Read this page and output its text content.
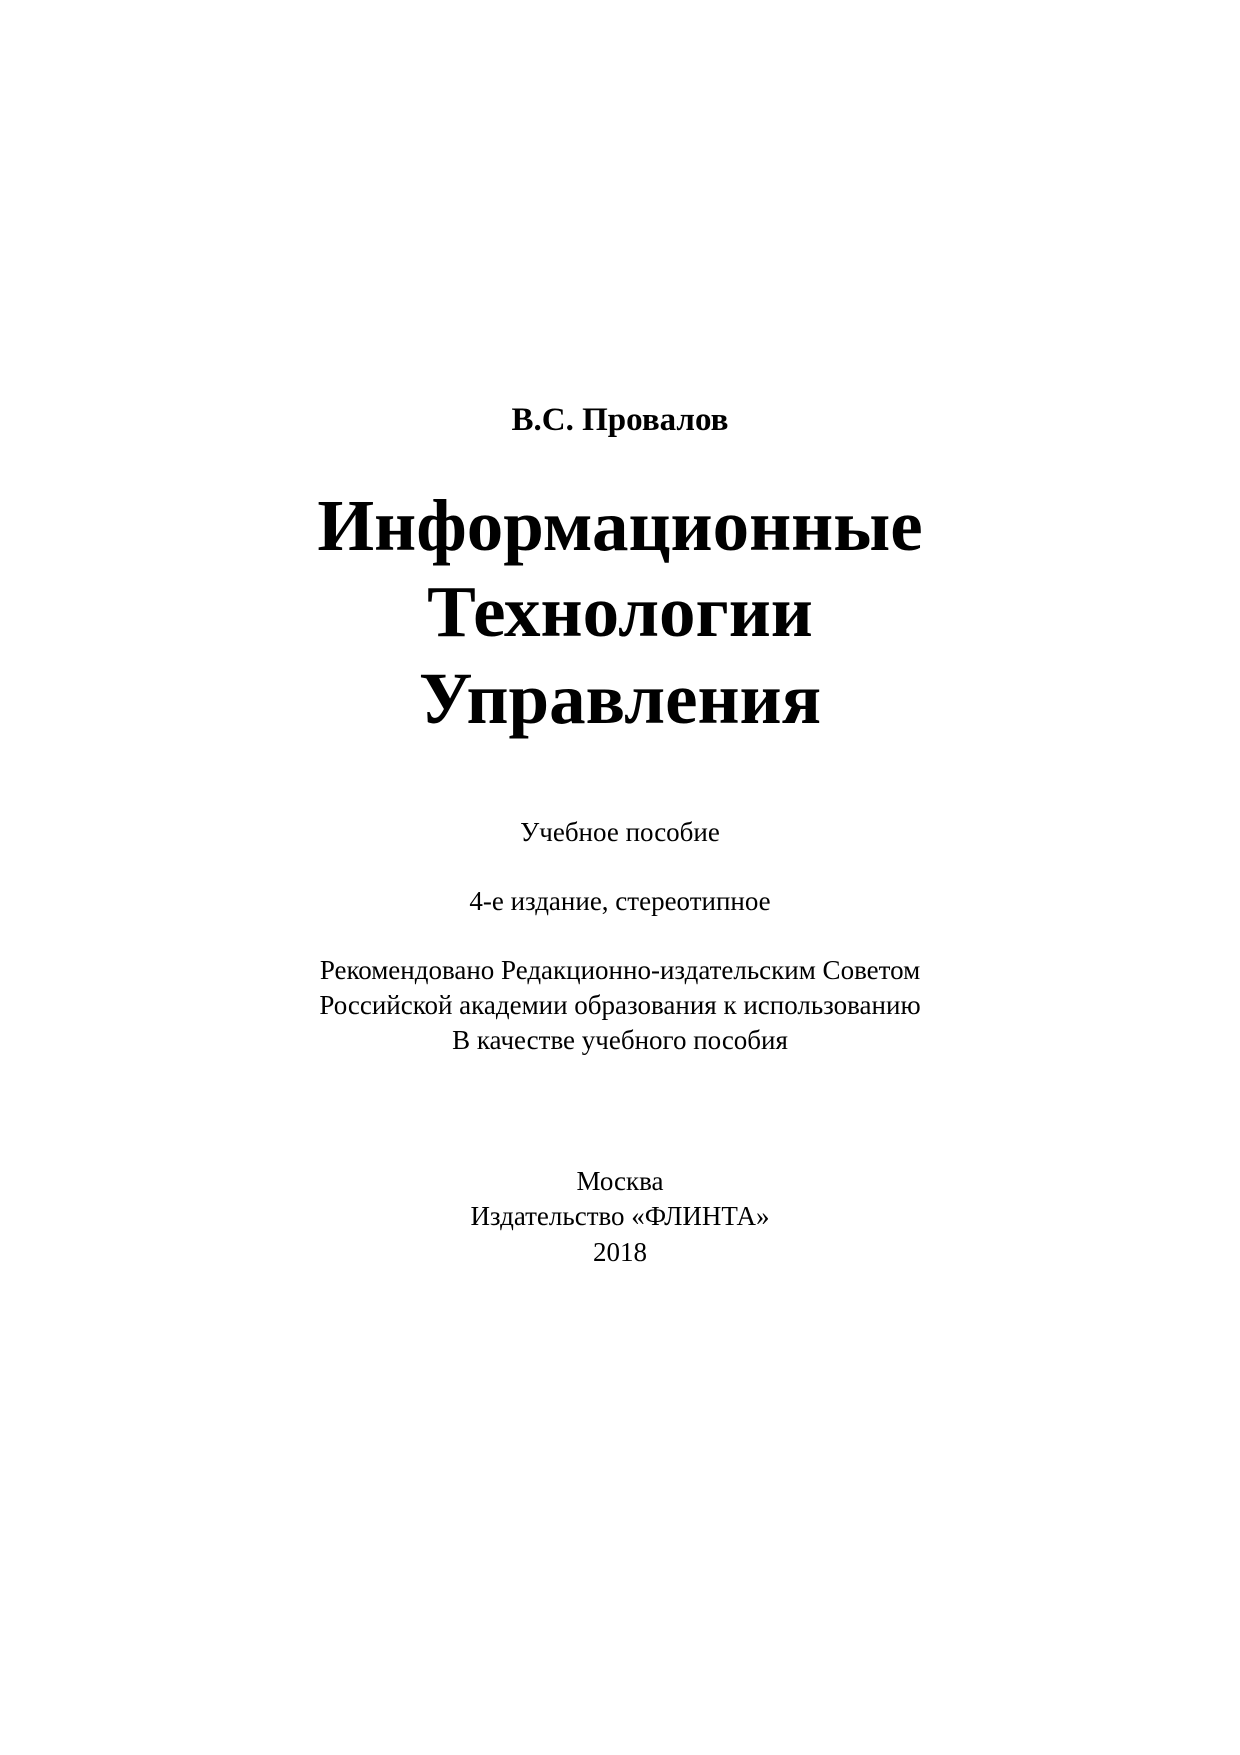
В.С. Провалов
Информационные
Технологии
Управления
Учебное пособие
4-е издание, стереотипное
Рекомендовано Редакционно-издательским Советом
Российской академии образования к использованию
В качестве учебного пособия
Москва
Издательство «ФЛИНТА»
2018
